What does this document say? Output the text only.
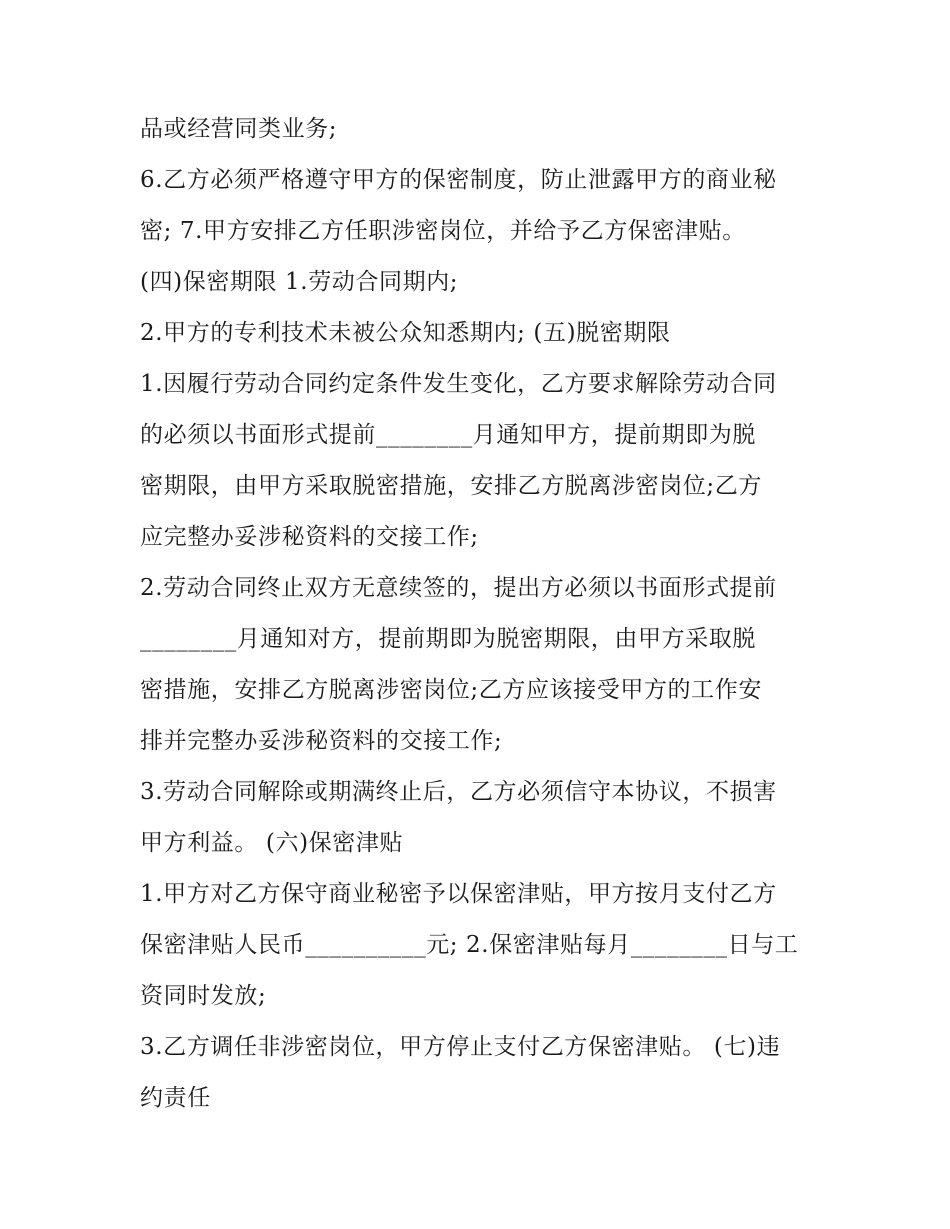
品或经营同类业务;
6.乙方必须严格遵守甲方的保密制度，防止泄露甲方的商业秘
密; 7.甲方安排乙方任职涉密岗位，并给予乙方保密津贴。
(四)保密期限 1.劳动合同期内;
2.甲方的专利技术未被公众知悉期内; (五)脱密期限
1.因履行劳动合同约定条件发生变化，乙方要求解除劳动合同
的必须以书面形式提前________月通知甲方，提前期即为脱
密期限，由甲方采取脱密措施，安排乙方脱离涉密岗位;乙方
应完整办妥涉秘资料的交接工作;
2.劳动合同终止双方无意续签的，提出方必须以书面形式提前
________月通知对方，提前期即为脱密期限，由甲方采取脱
密措施，安排乙方脱离涉密岗位;乙方应该接受甲方的工作安
排并完整办妥涉秘资料的交接工作;
3.劳动合同解除或期满终止后，乙方必须信守本协议，不损害
甲方利益。 (六)保密津贴
1.甲方对乙方保守商业秘密予以保密津贴，甲方按月支付乙方
保密津贴人民币__________元; 2.保密津贴每月________日与工
资同时发放;
3.乙方调任非涉密岗位，甲方停止支付乙方保密津贴。 (七)违
约责任
